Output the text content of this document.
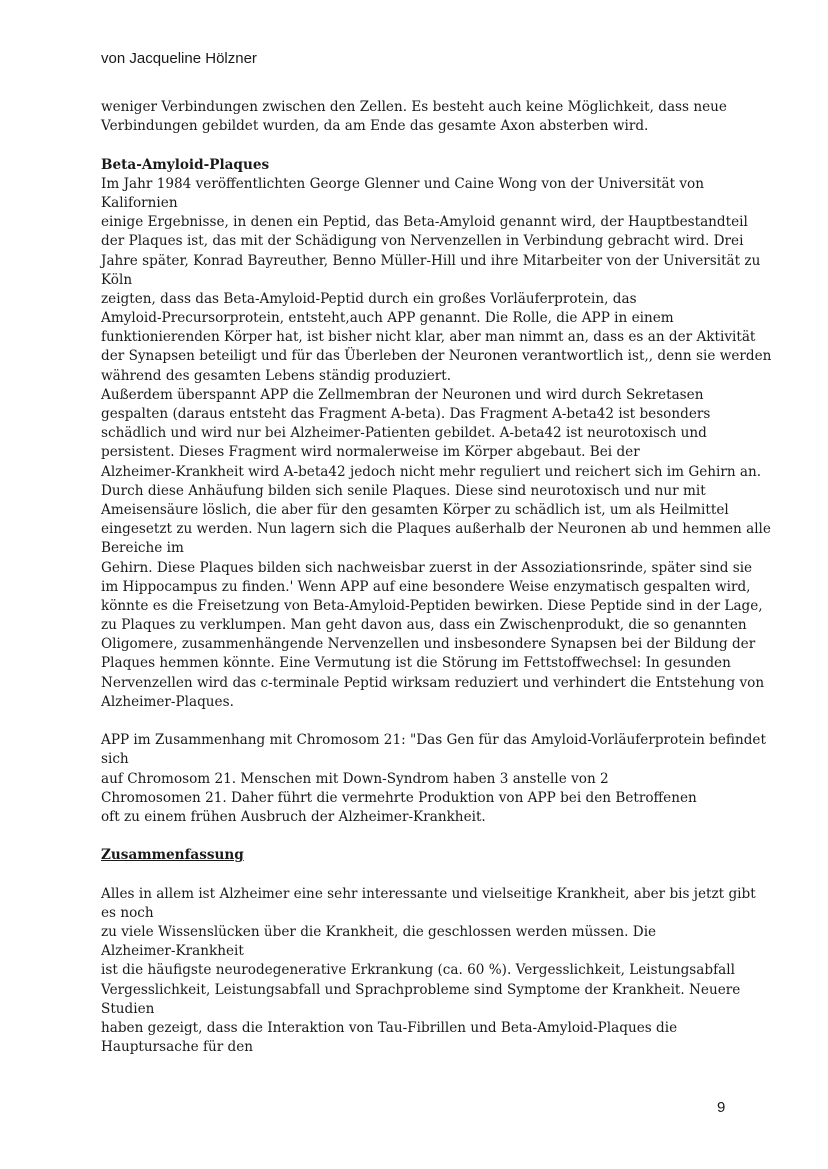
von Jacqueline Hölzner
weniger Verbindungen zwischen den Zellen. Es besteht auch keine Möglichkeit, dass neue
Verbindungen gebildet wurden, da am Ende das gesamte Axon absterben wird.
Beta-Amyloid-Plaques
Im Jahr 1984 veröffentlichten George Glenner und Caine Wong von der Universität von
Kalifornien
einige Ergebnisse, in denen ein Peptid, das Beta-Amyloid genannt wird, der Hauptbestandteil
der Plaques ist, das mit der Schädigung von Nervenzellen in Verbindung gebracht wird. Drei
Jahre später, Konrad Bayreuther, Benno Müller-Hill und ihre Mitarbeiter von der Universität zu
Köln
zeigten, dass das Beta-Amyloid-Peptid durch ein großes Vorläuferprotein, das
Amyloid-Precursorprotein, entsteht,auch APP genannt. Die Rolle, die APP in einem
funktionierenden Körper hat, ist bisher nicht klar, aber man nimmt an, dass es an der Aktivität
der Synapsen beteiligt und für das Überleben der Neuronen verantwortlich ist,, denn sie werden
während des gesamten Lebens ständig produziert.
Außerdem überspannt APP die Zellmembran der Neuronen und wird durch Sekretasen
gespalten (daraus entsteht das Fragment A-beta). Das Fragment A-beta42 ist besonders
schädlich und wird nur bei Alzheimer-Patienten gebildet. A-beta42 ist neurotoxisch und
persistent. Dieses Fragment wird normalerweise im Körper abgebaut. Bei der
Alzheimer-Krankheit wird A-beta42 jedoch nicht mehr reguliert und reichert sich im Gehirn an.
Durch diese Anhäufung bilden sich senile Plaques. Diese sind neurotoxisch und nur mit
Ameisensäure löslich, die aber für den gesamten Körper zu schädlich ist, um als Heilmittel
eingesetzt zu werden. Nun lagern sich die Plaques außerhalb der Neuronen ab und hemmen alle
Bereiche im
Gehirn. Diese Plaques bilden sich nachweisbar zuerst in der Assoziationsrinde, später sind sie
im Hippocampus zu finden.' Wenn APP auf eine besondere Weise enzymatisch gespalten wird,
könnte es die Freisetzung von Beta-Amyloid-Peptiden bewirken. Diese Peptide sind in der Lage,
zu Plaques zu verklumpen. Man geht davon aus, dass ein Zwischenprodukt, die so genannten
Oligomere, zusammenhängende Nervenzellen und insbesondere Synapsen bei der Bildung der
Plaques hemmen könnte. Eine Vermutung ist die Störung im Fettstoffwechsel: In gesunden
Nervenzellen wird das c-terminale Peptid wirksam reduziert und verhindert die Entstehung von
Alzheimer-Plaques.
APP im Zusammenhang mit Chromosom 21: "Das Gen für das Amyloid-Vorläuferprotein befindet
sich
auf Chromosom 21. Menschen mit Down-Syndrom haben 3 anstelle von 2
Chromosomen 21. Daher führt die vermehrte Produktion von APP bei den Betroffenen
oft zu einem frühen Ausbruch der Alzheimer-Krankheit.
Zusammenfassung
Alles in allem ist Alzheimer eine sehr interessante und vielseitige Krankheit, aber bis jetzt gibt
es noch
zu viele Wissenslücken über die Krankheit, die geschlossen werden müssen. Die
Alzheimer-Krankheit
ist die häufigste neurodegenerative Erkrankung (ca. 60 %). Vergesslichkeit, Leistungsabfall
Vergesslichkeit, Leistungsabfall und Sprachprobleme sind Symptome der Krankheit. Neuere
Studien
haben gezeigt, dass die Interaktion von Tau-Fibrillen und Beta-Amyloid-Plaques die
Hauptursache für den
9
